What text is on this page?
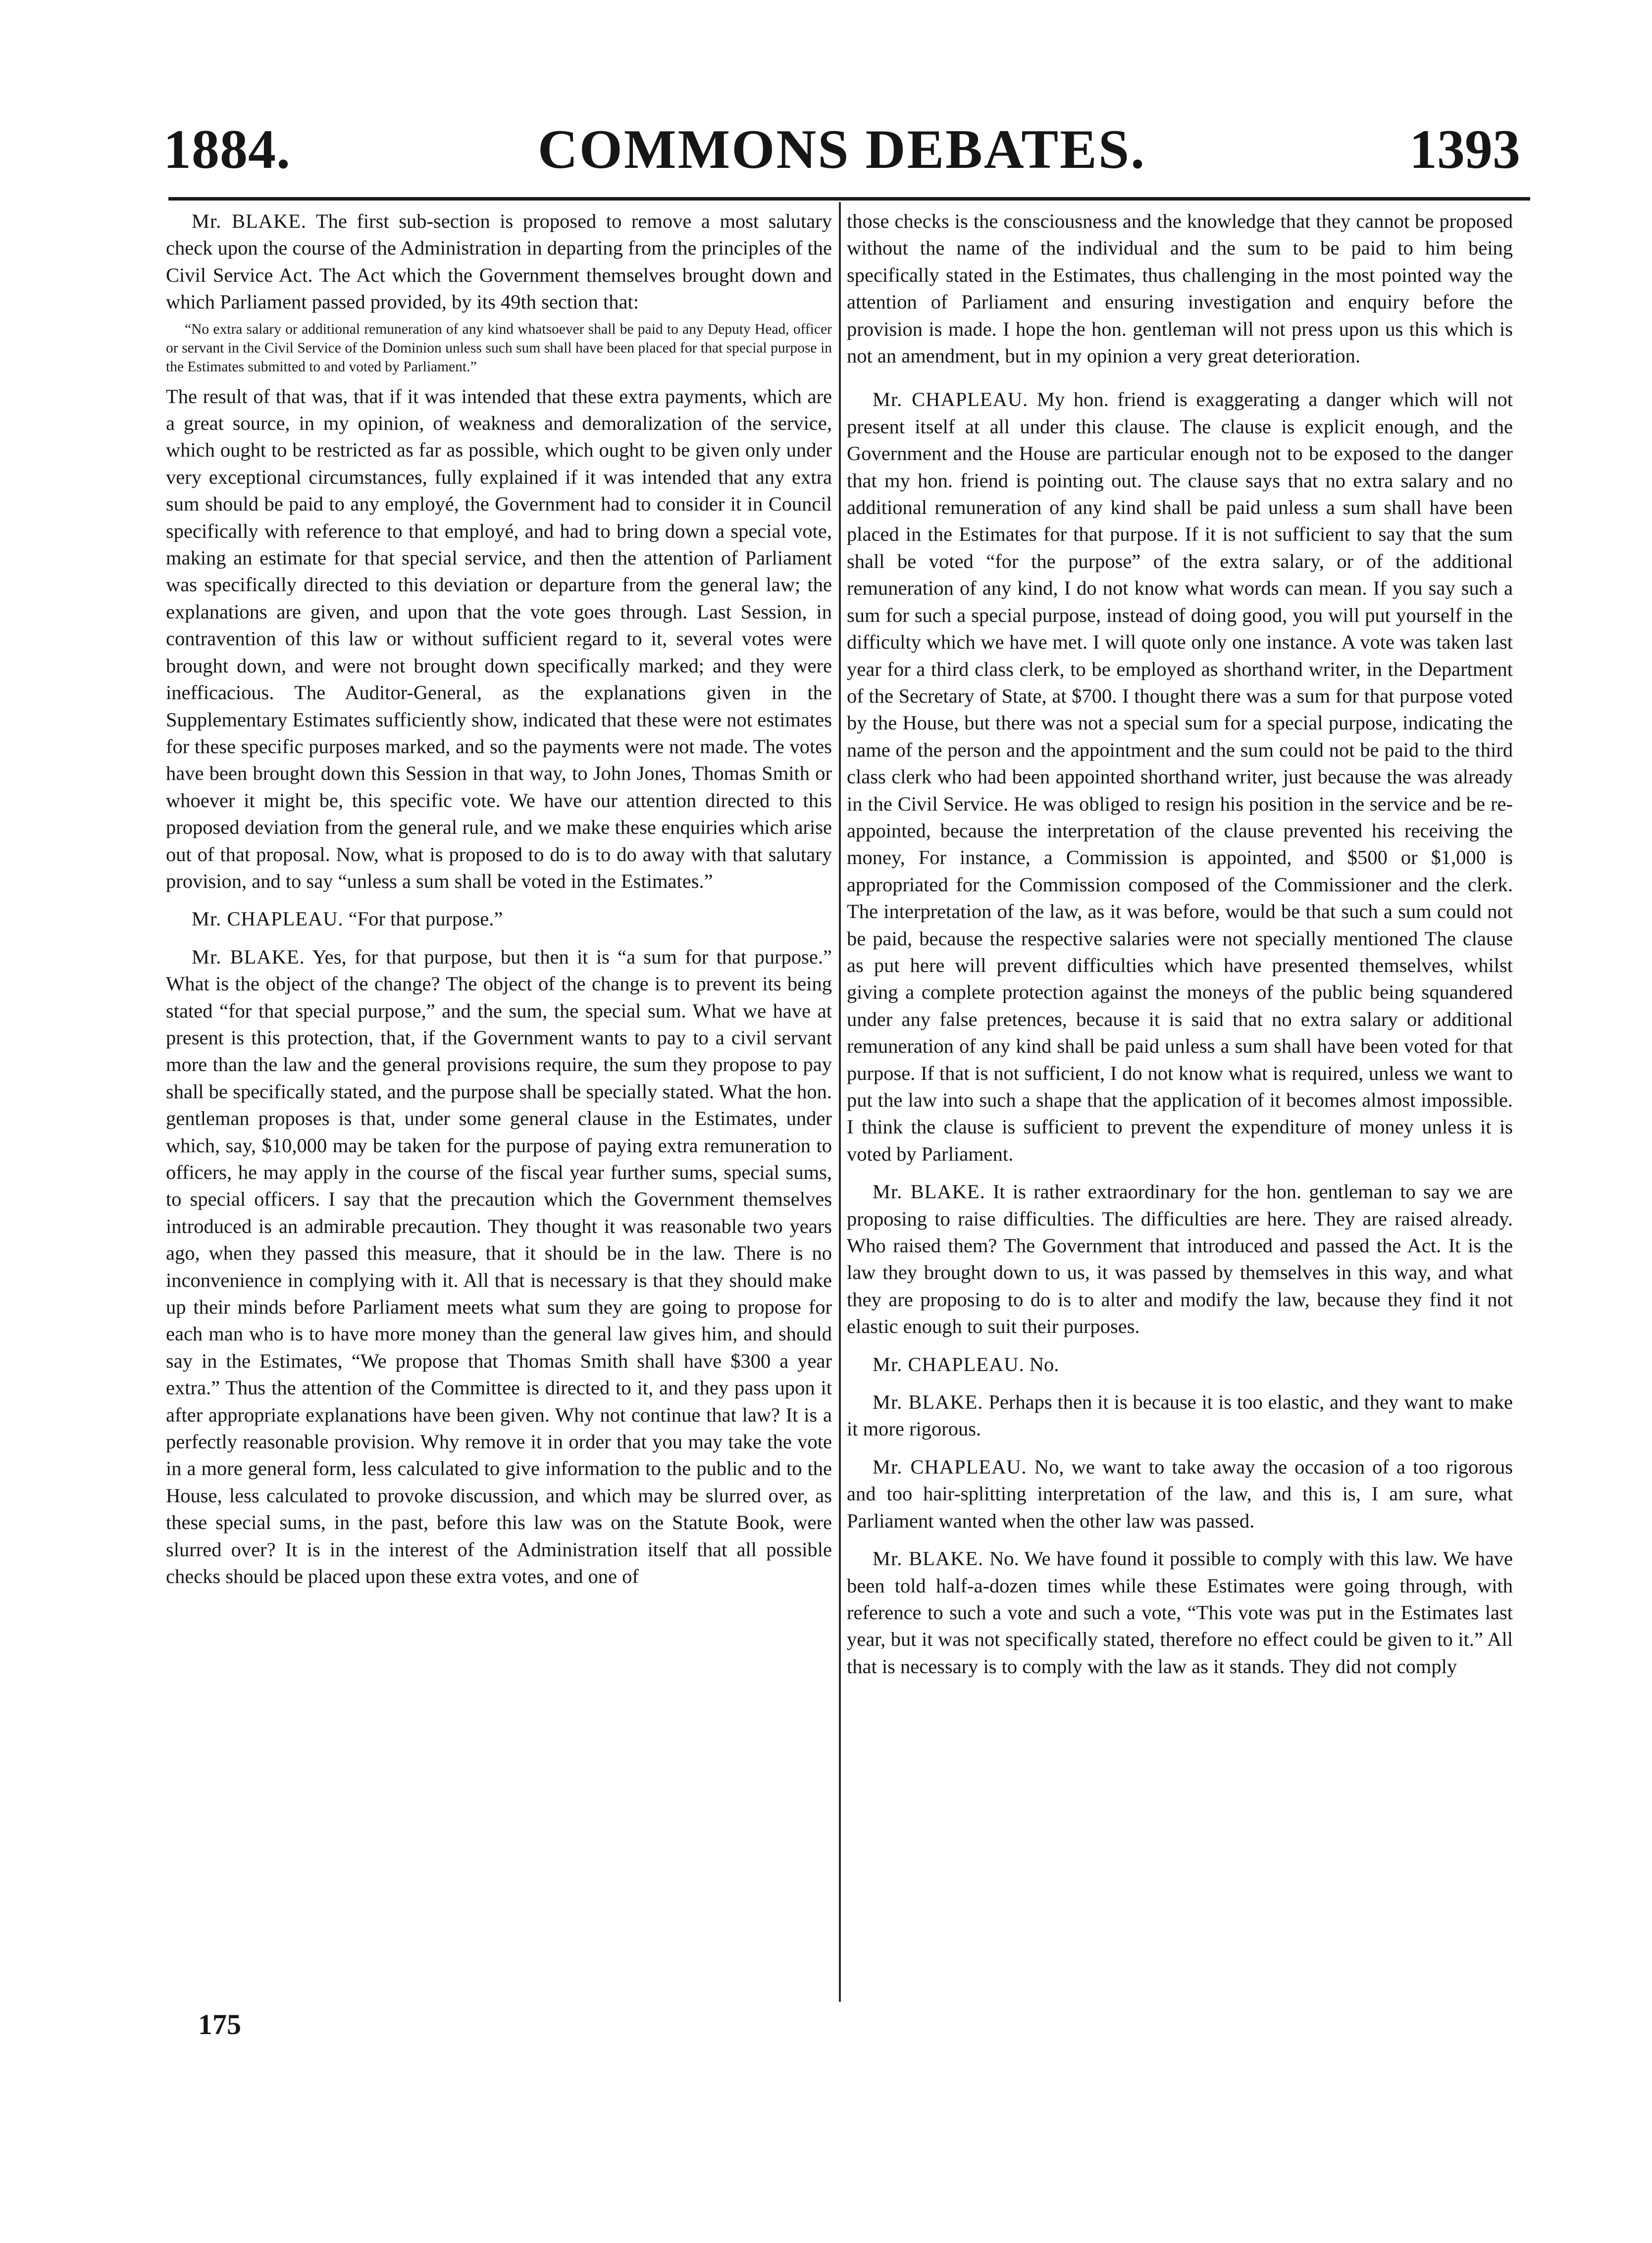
1884.	COMMONS DEBATES.	1393

Mr. BLAKE. The first sub-section is proposed to remove a most salutary check upon the course of the Administration in departing from the principles of the Civil Service Act. The Act which the Government themselves brought down and which Parliament passed provided, by its 49th section that:

“No extra salary or additional remuneration of any kind whatsoever shall be paid to any Deputy Head, officer or servant in the Civil Service of the Dominion unless such sum shall have been placed for that special purpose in the Estimates submitted to and voted by Parliament.”

The result of that was, that if it was intended that these extra payments, which are a great source, in my opinion, of weakness and demoralization of the service, which ought to be restricted as far as possible, which ought to be given only under very exceptional circumstances, fully explained if it was intended that any extra sum should be paid to any employé, the Government had to consider it in Council specifically with reference to that employé, and had to bring down a special vote, making an estimate for that special service, and then the attention of Parliament was specifically directed to this deviation or departure from the general law; the explanations are given, and upon that the vote goes through. Last Session, in contravention of this law or without sufficient regard to it, several votes were brought down, and were not brought down specifically marked; and they were inefficacious. The Auditor-General, as the explanations given in the Supplementary Estimates sufficiently show, indicated that these were not estimates for these specific purposes marked, and so the payments were not made. The votes have been brought down this Session in that way, to John Jones, Thomas Smith or whoever it might be, this specific vote. We have our attention directed to this proposed deviation from the general rule, and we make these enquiries which arise out of that proposal. Now, what is proposed to do is to do away with that salutary provision, and to say “unless a sum shall be voted in the Estimates.”

Mr. CHAPLEAU. “For that purpose.”

Mr. BLAKE. Yes, for that purpose, but then it is “a sum for that purpose.” What is the object of the change? The object of the change is to prevent its being stated “for that special purpose,” and the sum, the special sum. What we have at present is this protection, that, if the Government wants to pay to a civil servant more than the law and the general provisions require, the sum they propose to pay shall be specifically stated, and the purpose shall be specially stated. What the hon. gentleman proposes is that, under some general clause in the Estimates, under which, say, $10,000 may be taken for the purpose of paying extra remuneration to officers, he may apply in the course of the fiscal year further sums, special sums, to special officers. I say that the precaution which the Government themselves introduced is an admirable precaution. They thought it was reasonable two years ago, when they passed this measure, that it should be in the law. There is no inconvenience in complying with it. All that is necessary is that they should make up their minds before Parliament meets what sum they are going to propose for each man who is to have more money than the general law gives him, and should say in the Estimates, “We propose that Thomas Smith shall have $300 a year extra.” Thus the attention of the Committee is directed to it, and they pass upon it after appropriate explanations have been given. Why not continue that law? It is a perfectly reasonable provision. Why remove it in order that you may take the vote in a more general form, less calculated to give information to the public and to the House, less calculated to provoke discussion, and which may be slurred over, as these special sums, in the past, before this law was on the Statute Book, were slurred over? It is in the interest of the Administration itself that all possible checks should be placed upon these extra votes, and one of

those checks is the consciousness and the knowledge that they cannot be proposed without the name of the individual and the sum to be paid to him being specifically stated in the Estimates, thus challenging in the most pointed way the attention of Parliament and ensuring investigation and enquiry before the provision is made. I hope the hon. gentleman will not press upon us this which is not an amendment, but in my opinion a very great deterioration.

Mr. CHAPLEAU. My hon. friend is exaggerating a danger which will not present itself at all under this clause. The clause is explicit enough, and the Government and the House are particular enough not to be exposed to the danger that my hon. friend is pointing out. The clause says that no extra salary and no additional remuneration of any kind shall be paid unless a sum shall have been placed in the Estimates for that purpose. If it is not sufficient to say that the sum shall be voted “for the purpose” of the extra salary, or of the additional remuneration of any kind, I do not know what words can mean. If you say such a sum for such a special purpose, instead of doing good, you will put yourself in the difficulty which we have met. I will quote only one instance. A vote was taken last year for a third class clerk, to be employed as shorthand writer, in the Department of the Secretary of State, at $700. I thought there was a sum for that purpose voted by the House, but there was not a special sum for a special purpose, indicating the name of the person and the appointment and the sum could not be paid to the third class clerk who had been appointed shorthand writer, just because the was already in the Civil Service. He was obliged to resign his position in the service and be re-appointed, because the interpretation of the clause prevented his receiving the money, For instance, a Commission is appointed, and $500 or $1,000 is appropriated for the Commission composed of the Commissioner and the clerk. The interpretation of the law, as it was before, would be that such a sum could not be paid, because the respective salaries were not specially mentioned The clause as put here will prevent difficulties which have presented themselves, whilst giving a complete protection against the moneys of the public being squandered under any false pretences, because it is said that no extra salary or additional remuneration of any kind shall be paid unless a sum shall have been voted for that purpose. If that is not sufficient, I do not know what is required, unless we want to put the law into such a shape that the application of it becomes almost impossible. I think the clause is sufficient to prevent the expenditure of money unless it is voted by Parliament.

Mr. BLAKE. It is rather extraordinary for the hon. gentleman to say we are proposing to raise difficulties. The difficulties are here. They are raised already. Who raised them? The Government that introduced and passed the Act. It is the law they brought down to us, it was passed by themselves in this way, and what they are proposing to do is to alter and modify the law, because they find it not elastic enough to suit their purposes.

Mr. CHAPLEAU. No.

Mr. BLAKE. Perhaps then it is because it is too elastic, and they want to make it more rigorous.

Mr. CHAPLEAU. No, we want to take away the occasion of a too rigorous and too hair-splitting interpretation of the law, and this is, I am sure, what Parliament wanted when the other law was passed.

Mr. BLAKE. No. We have found it possible to comply with this law. We have been told half-a-dozen times while these Estimates were going through, with reference to such a vote and such a vote, “This vote was put in the Estimates last year, but it was not specifically stated, therefore no effect could be given to it.” All that is necessary is to comply with the law as it stands. They did not comply

175
